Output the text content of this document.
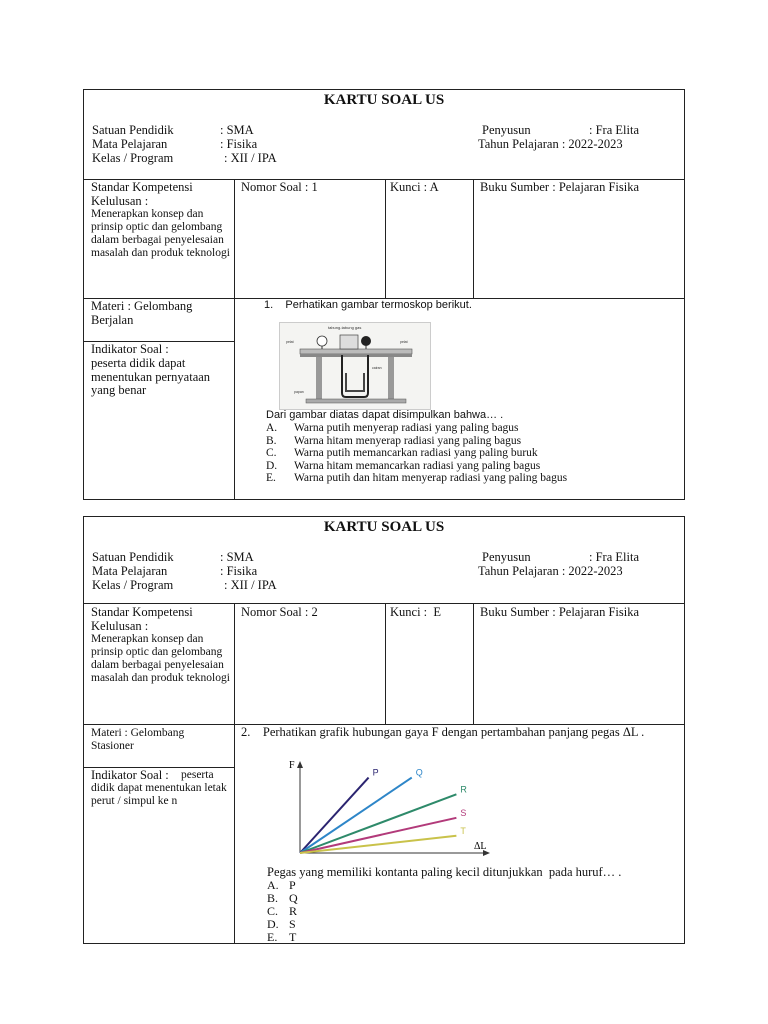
KARTU SOAL US
Satuan Pendidik	: SMA
Mata Pelajaran	: Fisika
Kelas / Program	: XII / IPA
Penyusun	: Fra Elita
Tahun Pelajaran : 2022-2023
Standar Kompetensi Kelulusan :
Menerapkan konsep dan prinsip optic dan gelombang dalam berbagai penyelesaian masalah dan produk teknologi
Nomor Soal : 1	Kunci : A	Buku Sumber : Pelajaran Fisika
Materi : Gelombang Berjalan
Indikator Soal :
peserta didik dapat menentukan pernyataan yang benar
1.    Perhatikan gambar termoskop berikut.
tabung-tabung gas
pelat	pelat
cairan
papan
Dari gambar diatas dapat disimpulkan bahwa… .
A. Warna putih menyerap radiasi yang paling bagus
B. Warna hitam menyerap radiasi yang paling bagus
C. Warna putih memancarkan radiasi yang paling buruk
D. Warna hitam memancarkan radiasi yang paling bagus
E. Warna putih dan hitam menyerap radiasi yang paling bagus
KARTU SOAL US
Satuan Pendidik	: SMA
Mata Pelajaran	: Fisika
Kelas / Program	: XII / IPA
Penyusun	: Fra Elita
Tahun Pelajaran : 2022-2023
Standar Kompetensi Kelulusan :
Menerapkan konsep dan prinsip optic dan gelombang dalam berbagai penyelesaian masalah dan produk teknologi
Nomor Soal : 2	Kunci :  E	Buku Sumber : Pelajaran Fisika
Materi : Gelombang Stasioner
Indikator Soal :	peserta didik dapat menentukan letak perut / simpul ke n
2.    Perhatikan grafik hubungan gaya F dengan pertambahan panjang pegas ΔL .
F
ΔL
P	Q
R
S
T
Pegas yang memiliki kontanta paling kecil ditunjukkan  pada huruf… .
A. P
B. Q
C. R
D. S
E. T
